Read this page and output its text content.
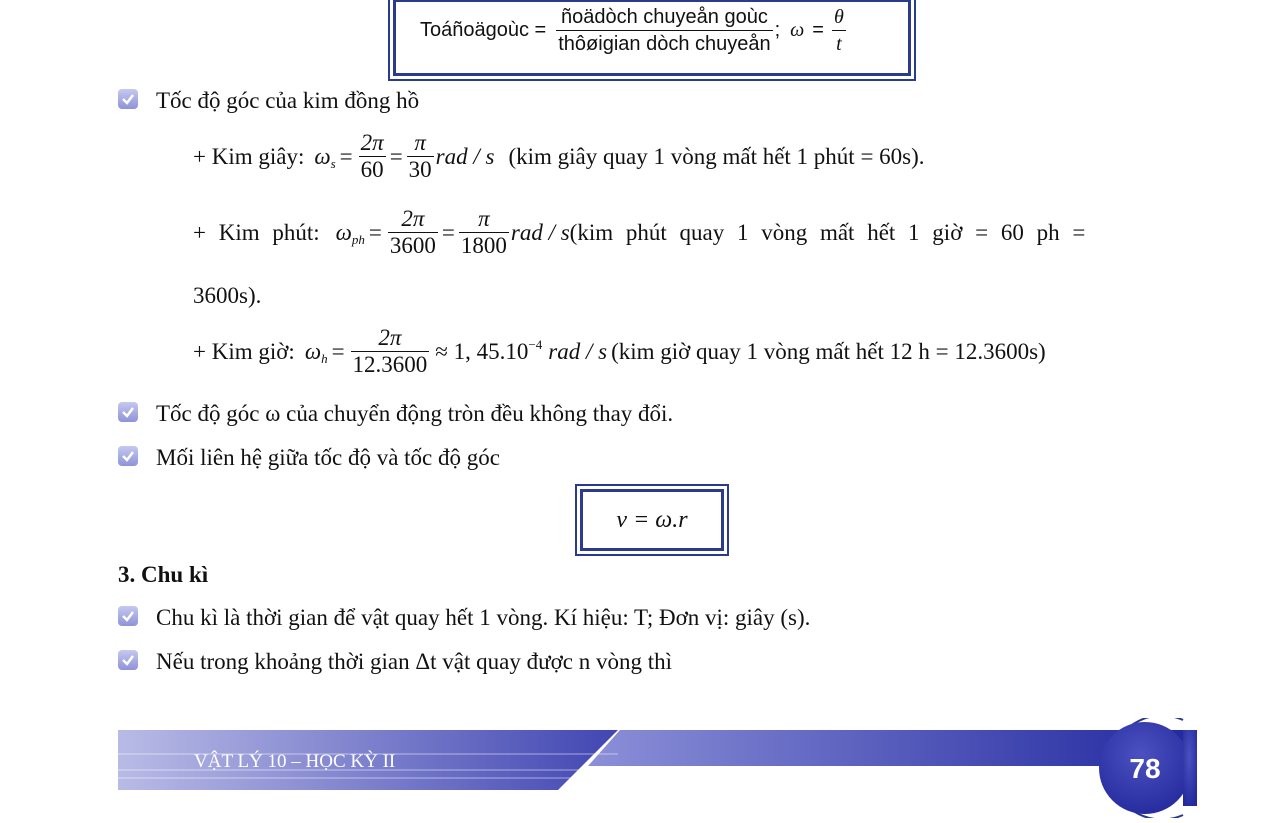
Toáñoägoùc = $\frac{\text{ñoädòch chuyeån goùc}}{\text{thôøigian dòch chuyeån}}$ ; $\omega = \frac{\theta}{t}$
Tốc độ góc của kim đồng hồ
+ Kim giây: $\omega_s = \frac{2\pi}{60} = \frac{\pi}{30}$ rad / s (kim giây quay 1 vòng mất hết 1 phút = 60s).
+ Kim phút: $\omega_{ph} = \frac{2\pi}{3600} = \frac{\pi}{1800}$ rad / s (kim phút quay 1 vòng mất hết 1 giờ = 60 ph =
3600s).
+ Kim giờ: $\omega_h = \frac{2\pi}{12.3600} \approx 1$, $45.10^{-4}$ rad / s (kim giờ quay 1 vòng mất hết 12 h = 12.3600s)
Tốc độ góc ω của chuyển động tròn đều không thay đổi.
Mối liên hệ giữa tốc độ và tốc độ góc
v = ω.r
3. Chu kì
Chu kì là thời gian để vật quay hết 1 vòng. Kí hiệu: T; Đơn vị: giây (s).
Nếu trong khoảng thời gian Δt vật quay được n vòng thì
VẬT LÝ 10 – HỌC KỲ II	78
